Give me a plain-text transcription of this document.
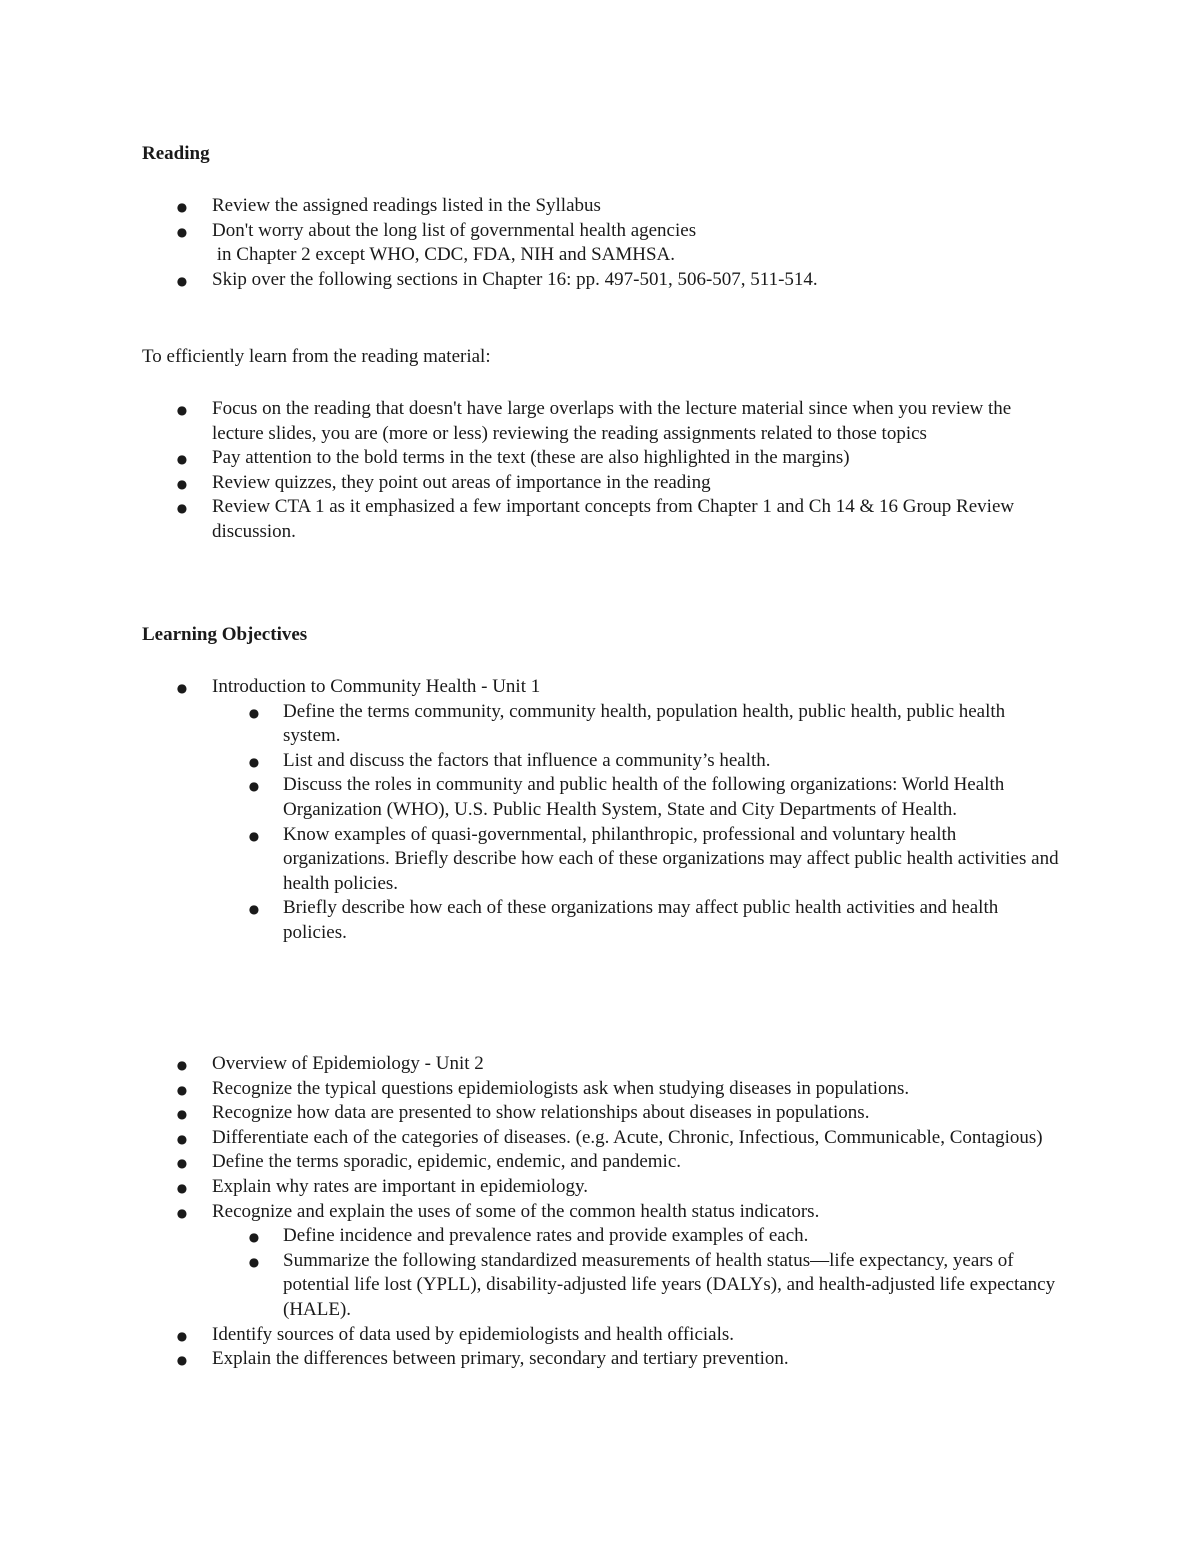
Reading
●
Review the assigned readings listed in the Syllabus
●
Don't worry about the long list of governmental health agencies
in Chapter 2 except WHO, CDC, FDA, NIH and SAMHSA.
●
Skip over the following sections in Chapter 16: pp. 497-501, 506-507, 511-514.

To efficiently learn from the reading material:

●
Focus on the reading that doesn't have large overlaps with the lecture material since when you review the lecture slides, you are (more or less) reviewing the reading assignments related to those topics
●
Pay attention to the bold terms in the text (these are also highlighted in the margins)
●
Review quizzes, they point out areas of importance in the reading
●
Review CTA 1 as it emphasized a few important concepts from Chapter 1 and Ch 14 & 16 Group Review discussion.
Learning Objectives
●
Introduction to Community Health - Unit 1
●
Define the terms community, community health, population health, public health, public health system.
●
List and discuss the factors that influence a community’s health.
●
Discuss the roles in community and public health of the following organizations: World Health Organization (WHO), U.S. Public Health System, State and City Departments of Health.
●
Know examples of quasi-governmental, philanthropic, professional and voluntary health organizations. Briefly describe how each of these organizations may affect public health activities and health policies.
●
Briefly describe how each of these organizations may affect public health activities and health policies.
●
Overview of Epidemiology - Unit 2
●
Recognize the typical questions epidemiologists ask when studying diseases in populations.
●
Recognize how data are presented to show relationships about diseases in populations.
●
Differentiate each of the categories of diseases. (e.g. Acute, Chronic, Infectious, Communicable, Contagious)
●
Define the terms sporadic, epidemic, endemic, and pandemic.
●
Explain why rates are important in epidemiology.
●
Recognize and explain the uses of some of the common health status indicators.
●
Define incidence and prevalence rates and provide examples of each.
●
Summarize the following standardized measurements of health status—life expectancy, years of potential life lost (YPLL), disability-adjusted life years (DALYs), and health-adjusted life expectancy (HALE).
●
Identify sources of data used by epidemiologists and health officials.
●
Explain the differences between primary, secondary and tertiary prevention.
